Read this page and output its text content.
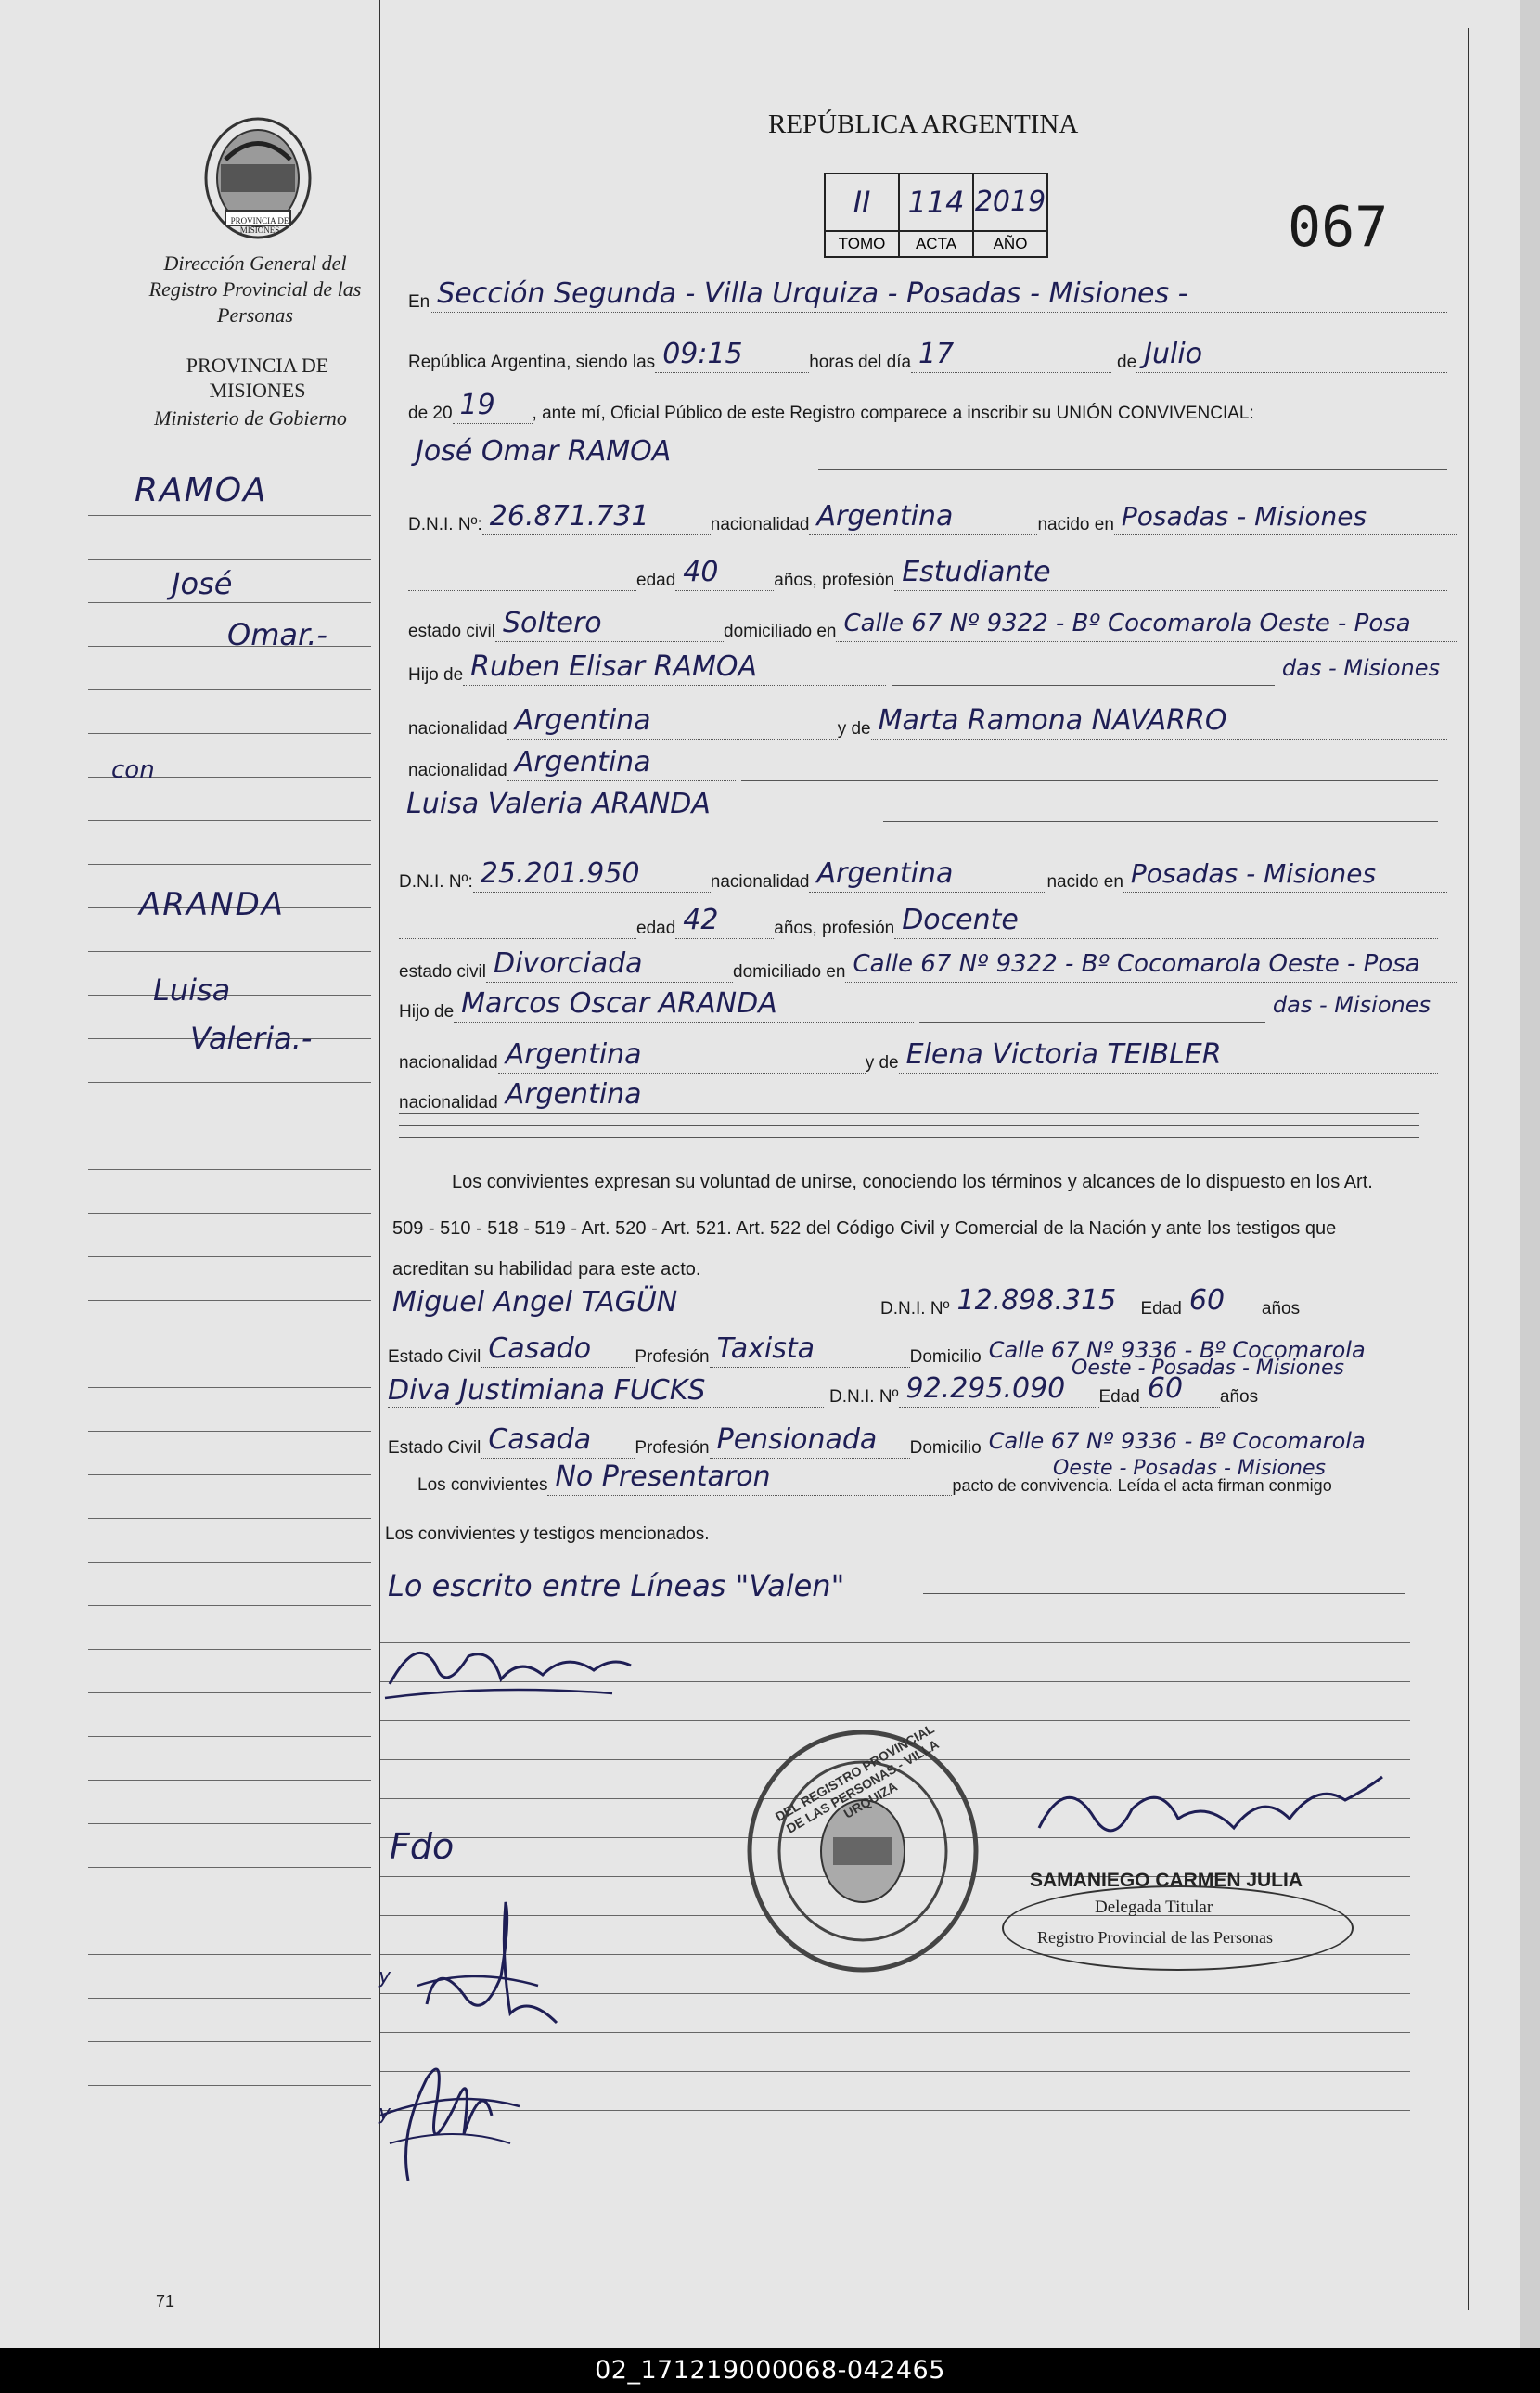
PROVINCIA DE MISIONES
Dirección General del Registro Provincial de las Personas
PROVINCIA DE MISIONES
Ministerio de Gobierno
REPÚBLICA ARGENTINA
II	114 2019
TOMO	ACTA	AÑO	067
RAMOA
José
Omar.-
con
ARANDA
Luisa
Valeria.-
71
En Sección Segunda - Villa Urquiza - Posadas - Misiones -
República Argentina, siendo las 09:15	horas del día 17	de Julio
de 20 19	, ante mí, Oficial Público de este Registro comparece a inscribir su UNIÓN CONVIVENCIAL:
José Omar RAMOA
D.N.I. Nº: 26.871.731	nacionalidad Argentina	nacido en Posadas - Misiones
edad 40	años, profesión Estudiante
estado civil Soltero	domiciliado en Calle 67 Nº 9322 - Bº Cocomarola Oeste - Posa
Hijo de Ruben Elisar RAMOA	das - Misiones
nacionalidad Argentina	y de Marta Ramona NAVARRO
nacionalidad Argentina
Luisa Valeria ARANDA
D.N.I. Nº: 25.201.950	nacionalidad Argentina	nacido en Posadas - Misiones
edad 42	años, profesión Docente
estado civil Divorciada	domiciliado en Calle 67 Nº 9322 - Bº Cocomarola Oeste - Posa
Hijo de Marcos Oscar ARANDA	das - Misiones
nacionalidad Argentina	y de Elena Victoria TEIBLER
nacionalidad Argentina
Los convivientes expresan su voluntad de unirse, conociendo los términos y alcances de lo dispuesto en los Art.
509 - 510 - 518 - 519 - Art. 520 - Art. 521. Art. 522 del Código Civil y Comercial de la Nación y ante los testigos que
acreditan su habilidad para este acto.
Miguel Angel TAGÜN	D.N.I. Nº 12.898.315	Edad 60	años
Estado Civil Casado	Profesión Taxista	Domicilio Calle 67 Nº 9336 - Bº Cocomarola
Oeste - Posadas - Misiones
Diva Justimiana FUCKS	D.N.I. Nº 92.295.090	Edad 60	años
Estado Civil Casada	Profesión Pensionada	Domicilio Calle 67 Nº 9336 - Bº Cocomarola
Los convivientes No Presentaron	pacto de convivencia. Leída el acta firman conmigo
Oeste - Posadas - Misiones
Los convivientes y testigos mencionados.
Lo escrito entre Líneas "Valen"
Fdo
y
y
DEL REGISTRO PROVINCIAL DE LAS PERSONAS - VILLA URQUIZA
SAMANIEGO CARMEN JULIA
Delegada Titular
Registro Provincial de las Personas
02_171219000068-042465
